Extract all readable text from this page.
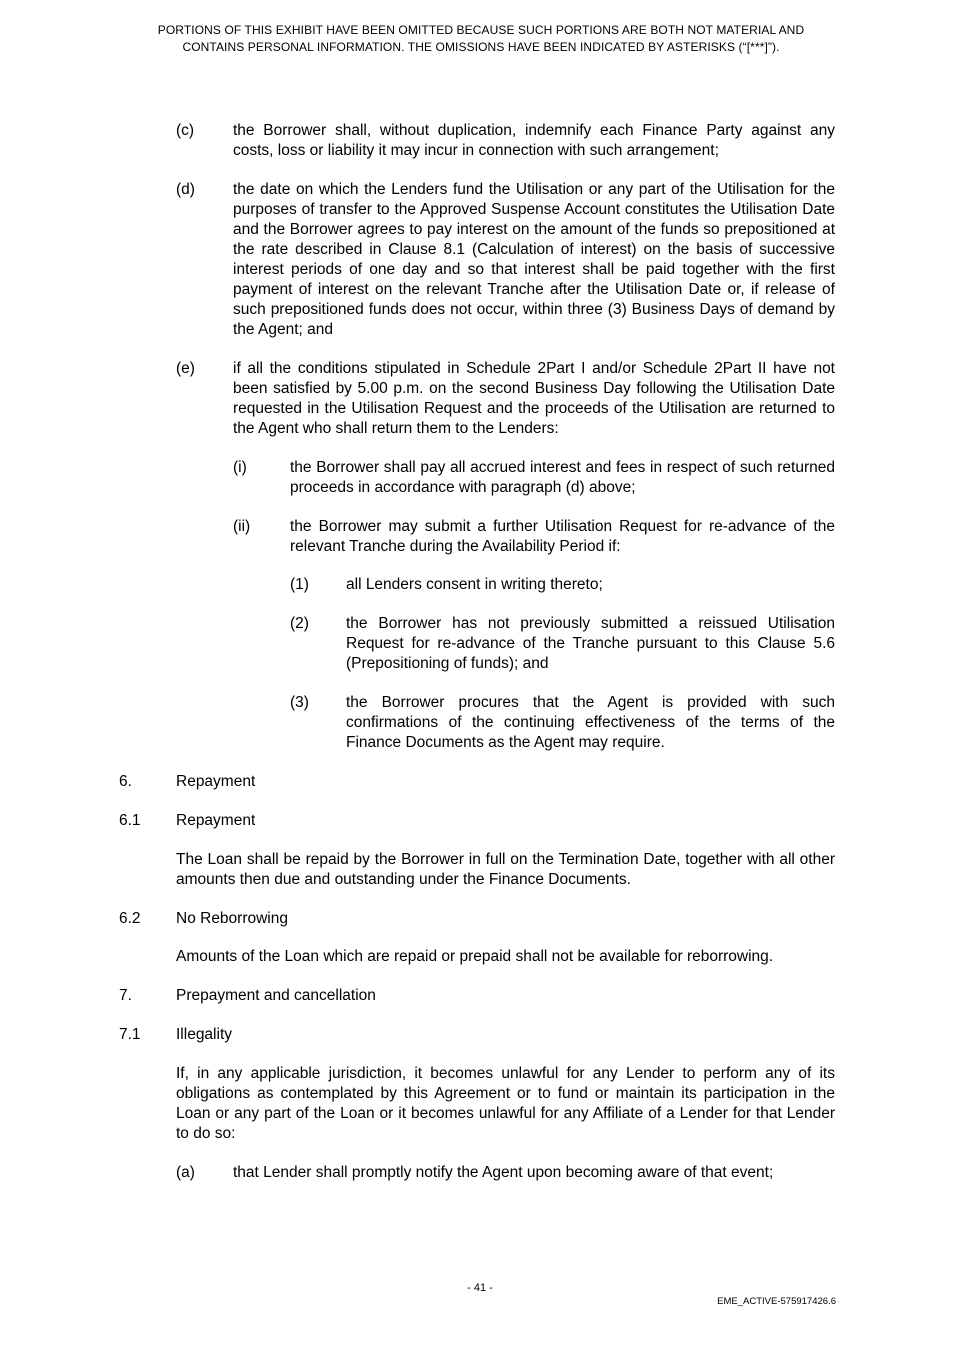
PORTIONS OF THIS EXHIBIT HAVE BEEN OMITTED BECAUSE SUCH PORTIONS ARE BOTH NOT MATERIAL AND
CONTAINS PERSONAL INFORMATION. THE OMISSIONS HAVE BEEN INDICATED BY ASTERISKS (“[***]”).
(c)	the Borrower shall, without duplication, indemnify each Finance Party against any costs, loss or liability it may incur in connection with such arrangement;

(d) the date on which the Lenders fund the Utilisation or any part of the Utilisation for the purposes of transfer to the Approved Suspense Account constitutes the Utilisation Date and the Borrower agrees to pay interest on the amount of the funds so prepositioned at the rate described in Clause 8.1 (Calculation of interest) on the basis of successive interest periods of one day and so that interest shall be paid together with the first payment of interest on the relevant Tranche after the Utilisation Date or, if release of such prepositioned funds does not occur, within three (3) Business Days of demand by the Agent; and

(e) if all the conditions stipulated in Schedule 2Part I and/or Schedule 2Part II have not been satisfied by 5.00 p.m. on the second Business Day following the Utilisation Date requested in the Utilisation Request and the proceeds of the Utilisation are returned to the Agent who shall return them to the Lenders:

(i)	the Borrower shall pay all accrued interest and fees in respect of such returned proceeds in accordance with paragraph (d) above;

(ii)	the Borrower may submit a further Utilisation Request for re-advance of the relevant Tranche during the Availability Period if:

(1) all Lenders consent in writing thereto;

(2) the Borrower has not previously submitted a reissued Utilisation Request for re-advance of the Tranche pursuant to this Clause 5.6 (Prepositioning of funds); and

(3) the Borrower procures that the Agent is provided with such confirmations of the continuing effectiveness of the terms of the Finance Documents as the Agent may require.

6.	Repayment
6.1 Repayment

The Loan shall be repaid by the Borrower in full on the Termination Date, together with all other amounts then due and outstanding under the Finance Documents.

6.2 No Reborrowing

Amounts of the Loan which are repaid or prepaid shall not be available for reborrowing.

7.	Prepayment and cancellation
7.1 Illegality

If, in any applicable jurisdiction, it becomes unlawful for any Lender to perform any of its obligations as contemplated by this Agreement or to fund or maintain its participation in the Loan or any part of the Loan or it becomes unlawful for any Affiliate of a Lender for that Lender to do so:

(a) that Lender shall promptly notify the Agent upon becoming aware of that event;

- 41 -
EME_ACTIVE-575917426.6
